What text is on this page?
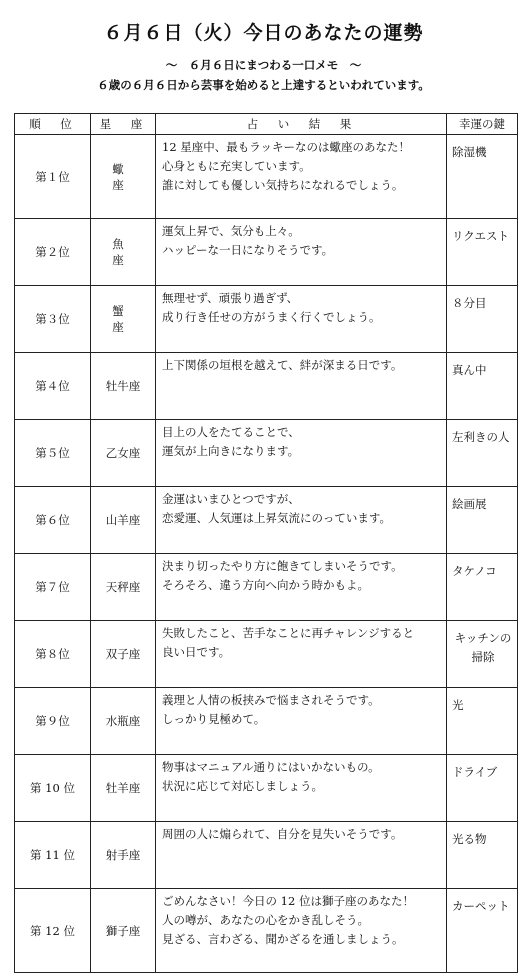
６月６日（火）今日のあなたの運勢
～　６月６日にまつわる一口メモ　～
６歳の６月６日から芸事を始めると上達するといわれています。
順　位	星　座	占　い　結　果	幸運の鍵
第１位	蠍　座	12 星座中、最もラッキーなのは蠍座のあなた！
心身ともに充実しています。
誰に対しても優しい気持ちになれるでしょう。	除湿機
第２位	魚　座	運気上昇で、気分も上々。
ハッピーな一日になりそうです。	リクエスト
第３位	蟹　座	無理せず、頑張り過ぎず、
成り行き任せの方がうまく行くでしょう。	８分目
第４位	牡牛座	上下関係の垣根を越えて、絆が深まる日です。	真ん中
第５位	乙女座	目上の人をたてることで、
運気が上向きになります。	左利きの人
第６位	山羊座	金運はいまひとつですが、
恋愛運、人気運は上昇気流にのっています。	絵画展
第７位	天秤座	決まり切ったやり方に飽きてしまいそうです。
そろそろ、違う方向へ向かう時かもよ。	タケノコ
第８位	双子座	失敗したこと、苦手なことに再チャレンジすると
良い日です。	キッチンの掃除
第９位	水瓶座	義理と人情の板挟みで悩まされそうです。
しっかり見極めて。	光
第 10 位	牡羊座	物事はマニュアル通りにはいかないもの。
状況に応じて対応しましょう。	ドライブ
第 11 位	射手座	周囲の人に煽られて、自分を見失いそうです。	光る物
第 12 位	獅子座	ごめんなさい！今日の 12 位は獅子座のあなた！
人の噂が、あなたの心をかき乱しそう。
見ざる、言わざる、聞かざるを通しましょう。	カーペット
